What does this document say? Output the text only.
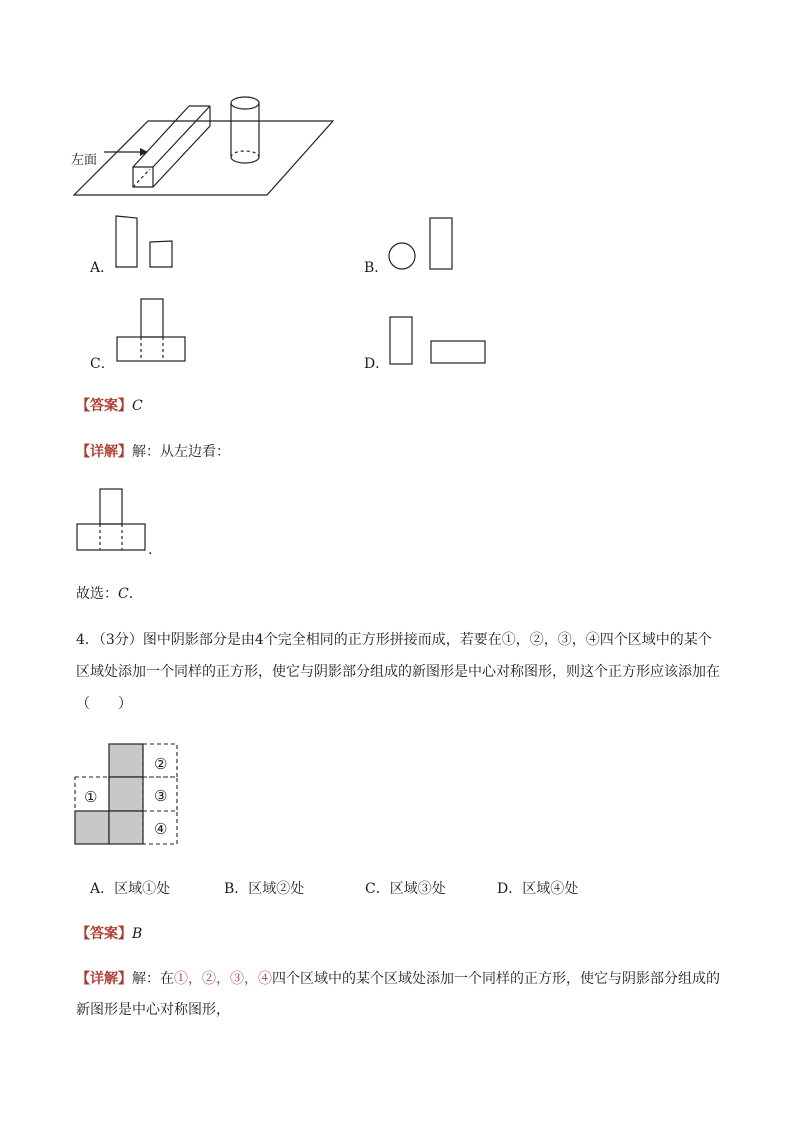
左面
A．	B．
C．	D．
【答案】C
【详解】解：从左边看：
.
故选：C．
4．（3分）图中阴影部分是由4个完全相同的正方形拼接而成，若要在①，②，③，④四个区域中的某个
区域处添加一个同样的正方形，使它与阴影部分组成的新图形是中心对称图形，则这个正方形应该添加在
（　　）
①
②
③
④
A．区域①处	B．区域②处	C．区域③处	D．区域④处
【答案】B
【详解】解：在①，②，③，④四个区域中的某个区域处添加一个同样的正方形，使它与阴影部分组成的
新图形是中心对称图形，
